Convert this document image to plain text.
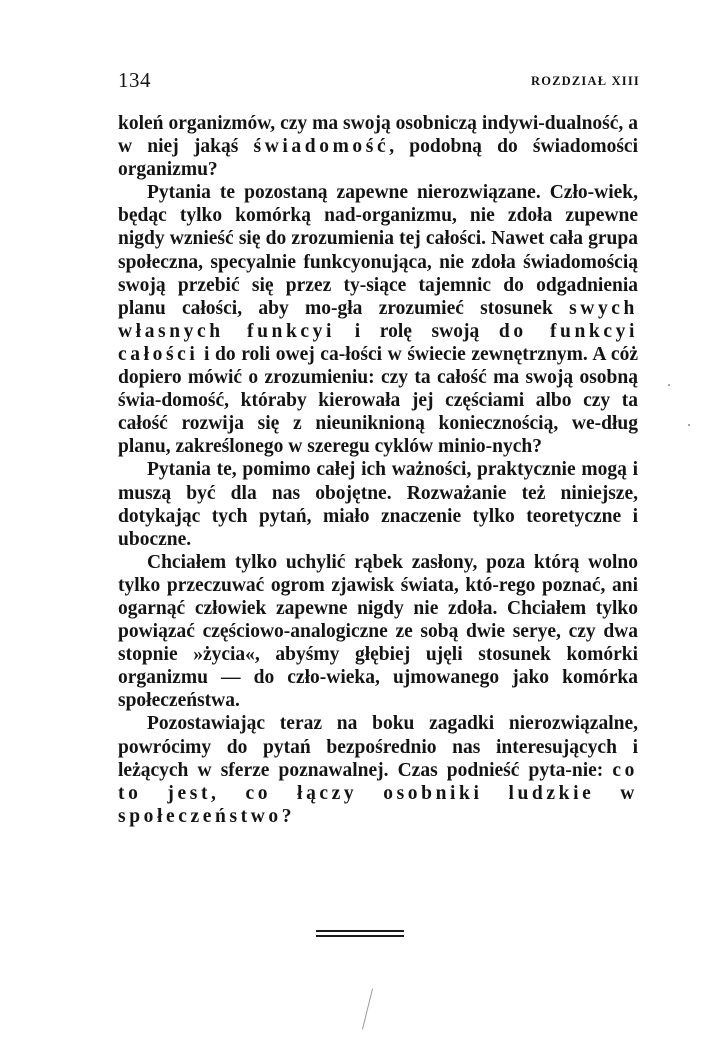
134	ROZDZIAŁ XIII

koleń organizmów, czy ma swoją osobniczą indywi-dualność, a w niej jakąś świadomość, podobną do świadomości organizmu?

Pytania te pozostaną zapewne nierozwiązane. Czło-wiek, będąc tylko komórką nad-organizmu, nie zdoła zupewne nigdy wznieść się do zrozumienia tej całości. Nawet cała grupa społeczna, specyalnie funkcyonująca, nie zdoła świadomością swoją przebić się przez ty-siące tajemnic do odgadnienia planu całości, aby mo-gła zrozumieć stosunek swych własnych funkcyi i rolę swoją do funkcyi całości i do roli owej ca-łości w świecie zewnętrznym. A cóż dopiero mówić o zrozumieniu: czy ta całość ma swoją osobną świa-domość, któraby kierowała jej częściami albo czy ta całość rozwija się z nieuniknioną koniecznością, we-dług planu, zakreślonego w szeregu cyklów minio-nych?

Pytania te, pomimo całej ich ważności, praktycznie mogą i muszą być dla nas obojętne. Rozważanie też niniejsze, dotykając tych pytań, miało znaczenie tylko teoretyczne i uboczne.

Chciałem tylko uchylić rąbek zasłony, poza którą wolno tylko przeczuwać ogrom zjawisk świata, któ-rego poznać, ani ogarnąć człowiek zapewne nigdy nie zdoła. Chciałem tylko powiązać częściowo-analogiczne ze sobą dwie serye, czy dwa stopnie »życia«, abyśmy głębiej ujęli stosunek komórki organizmu — do czło-wieka, ujmowanego jako komórka społeczeństwa.

Pozostawiając teraz na boku zagadki nierozwiązalne, powrócimy do pytań bezpośrednio nas interesujących i leżących w sferze poznawalnej. Czas podnieść pyta-nie: co to jest, co łączy osobniki ludzkie w społeczeństwo?
